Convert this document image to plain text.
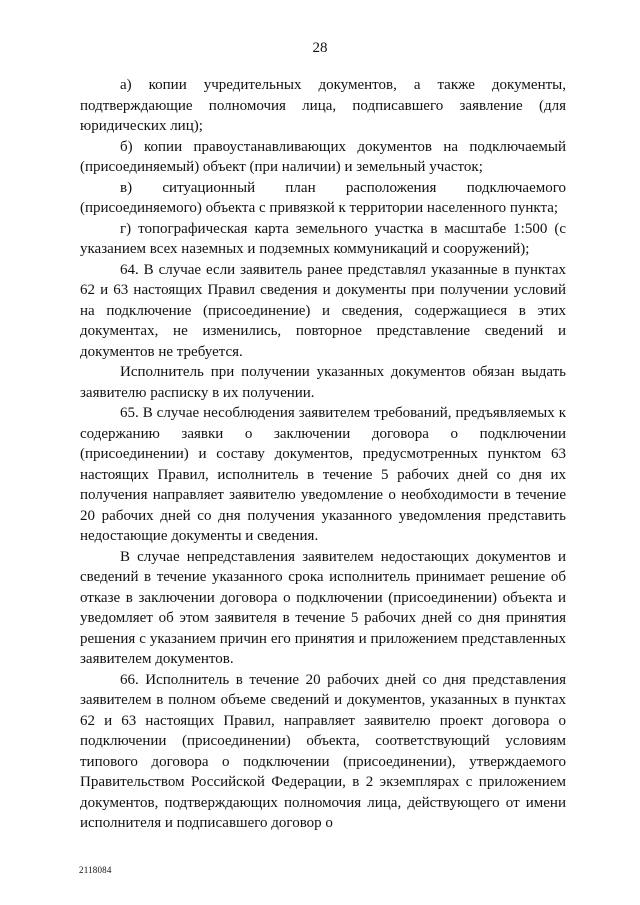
28

а) копии учредительных документов, а также документы, подтверждающие полномочия лица, подписавшего заявление (для юридических лиц);

б) копии правоустанавливающих документов на подключаемый (присоединяемый) объект (при наличии) и земельный участок;

в) ситуационный план расположения подключаемого (присоединяемого) объекта с привязкой к территории населенного пункта;

г) топографическая карта земельного участка в масштабе 1:500 (с указанием всех наземных и подземных коммуникаций и сооружений);

64. В случае если заявитель ранее представлял указанные в пунктах 62 и 63 настоящих Правил сведения и документы при получении условий на подключение (присоединение) и сведения, содержащиеся в этих документах, не изменились, повторное представление сведений и документов не требуется.

Исполнитель при получении указанных документов обязан выдать заявителю расписку в их получении.

65. В случае несоблюдения заявителем требований, предъявляемых к содержанию заявки о заключении договора о подключении (присоединении) и составу документов, предусмотренных пунктом 63 настоящих Правил, исполнитель в течение 5 рабочих дней со дня их получения направляет заявителю уведомление о необходимости в течение 20 рабочих дней со дня получения указанного уведомления представить недостающие документы и сведения.

В случае непредставления заявителем недостающих документов и сведений в течение указанного срока исполнитель принимает решение об отказе в заключении договора о подключении (присоединении) объекта и уведомляет об этом заявителя в течение 5 рабочих дней со дня принятия решения с указанием причин его принятия и приложением представленных заявителем документов.

66. Исполнитель в течение 20 рабочих дней со дня представления заявителем в полном объеме сведений и документов, указанных в пунктах 62 и 63 настоящих Правил, направляет заявителю проект договора о подключении (присоединении) объекта, соответствующий условиям типового договора о подключении (присоединении), утверждаемого Правительством Российской Федерации, в 2 экземплярах с приложением документов, подтверждающих полномочия лица, действующего от имени исполнителя и подписавшего договор о

2118084
